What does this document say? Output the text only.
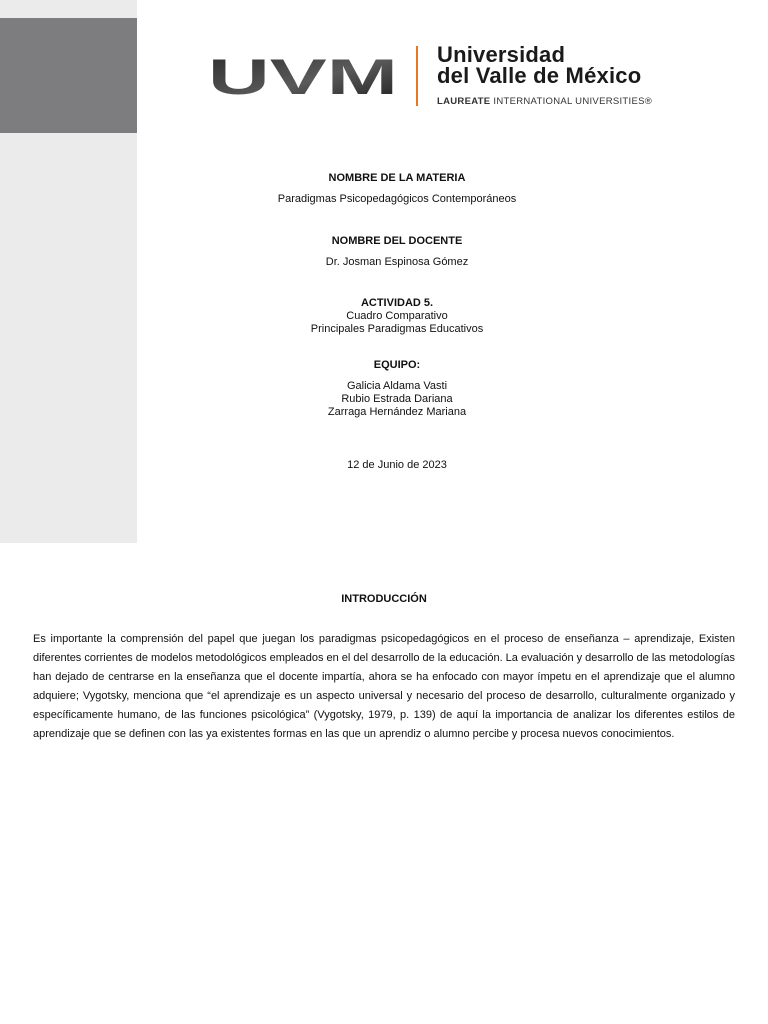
UVM Universidad
del Valle de México
LAUREATE INTERNATIONAL UNIVERSITIES®
NOMBRE DE LA MATERIA
Paradigmas Psicopedagógicos Contemporáneos
NOMBRE DEL DOCENTE
Dr. Josman Espinosa Gómez
ACTIVIDAD 5.
Cuadro Comparativo
Principales Paradigmas Educativos
EQUIPO:
Galicia Aldama Vasti
Rubio Estrada Dariana
Zarraga Hernández Mariana
12 de Junio de 2023
INTRODUCCIÓN

Es importante la comprensión del papel que juegan los paradigmas psicopedagógicos en el proceso de enseñanza – aprendizaje, Existen diferentes corrientes de modelos metodológicos empleados en el del desarrollo de la educación. La evaluación y desarrollo de las metodologías han dejado de centrarse en la enseñanza que el docente impartía, ahora se ha enfocado con mayor ímpetu en el aprendizaje que el alumno adquiere; Vygotsky, menciona que “el aprendizaje es un aspecto universal y necesario del proceso de desarrollo, culturalmente organizado y específicamente humano, de las funciones psicológica” (Vygotsky, 1979, p. 139) de aquí la importancia de analizar los diferentes estilos de aprendizaje que se definen con las ya existentes formas en las que un aprendiz o alumno percibe y procesa nuevos conocimientos.
